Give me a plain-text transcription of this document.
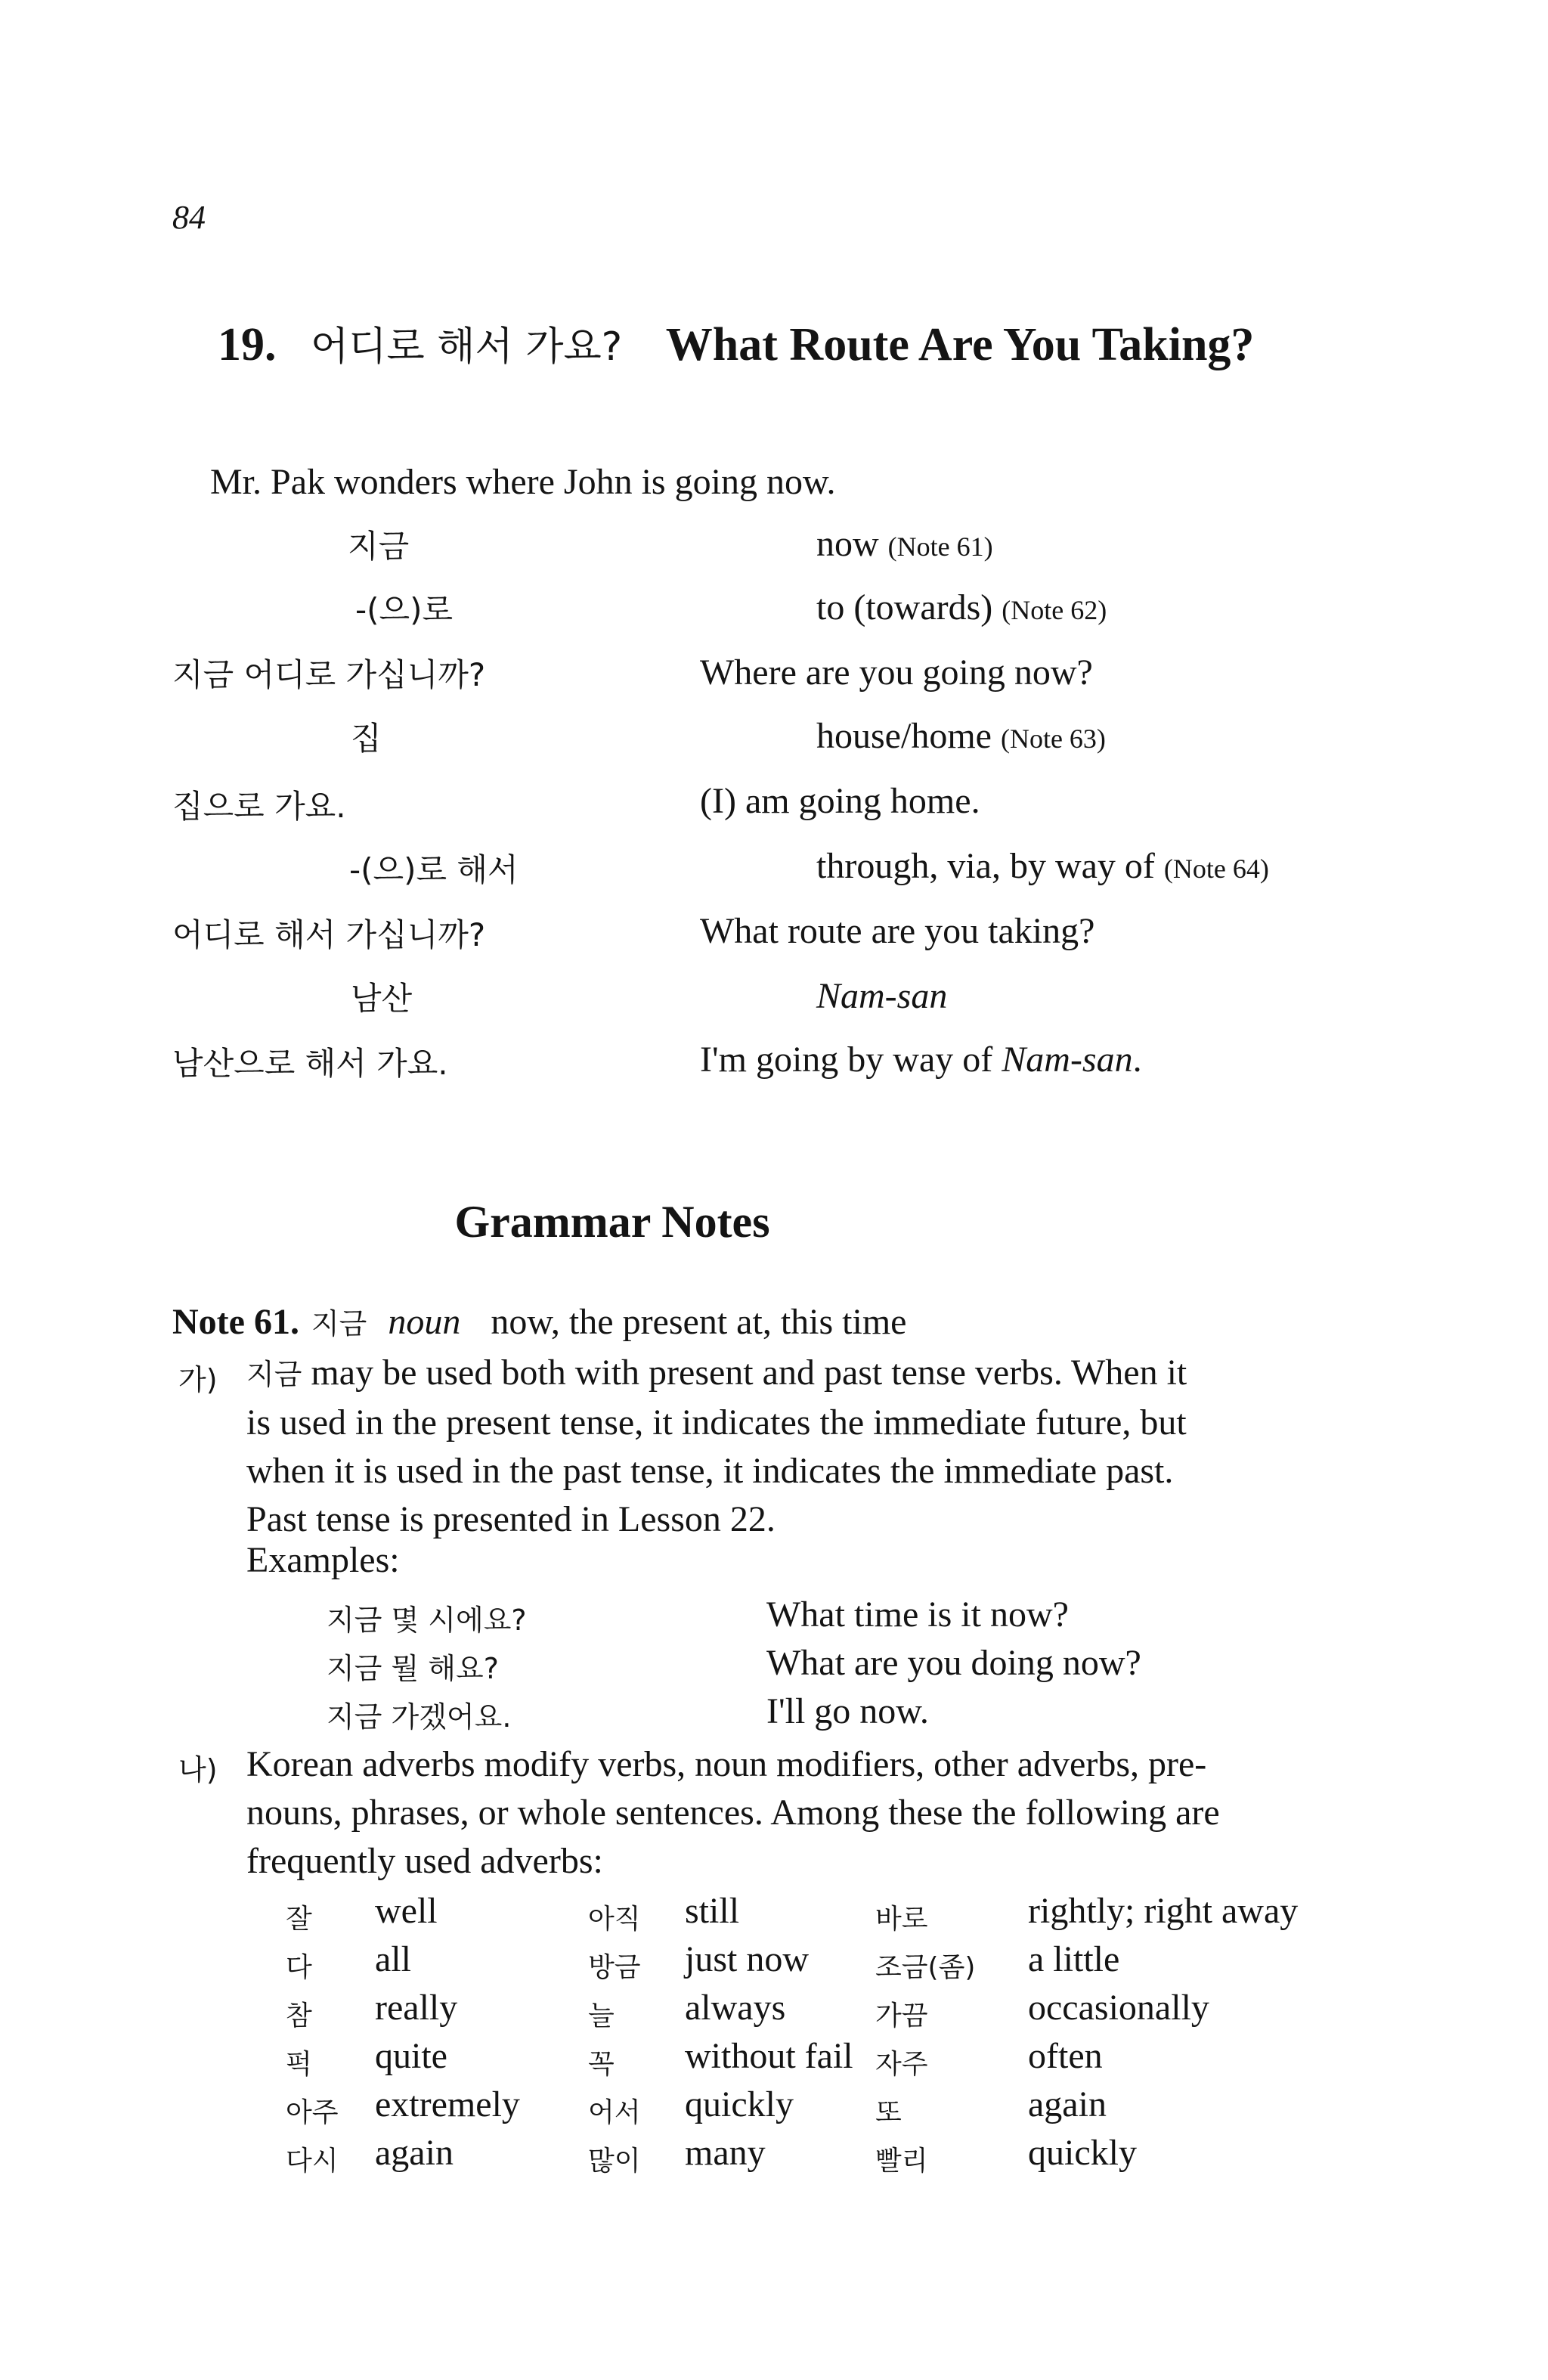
84
19. 어디로 해서 가요? What Route Are You Taking?
Mr. Pak wonders where John is going now.
지금	now (Note 61)
-(으)로	to (towards) (Note 62)
지금 어디로 가십니까?	Where are you going now?
집	house/home (Note 63)
집으로 가요.	(I) am going home.
-(으)로 해서	through, via, by way of (Note 64)
어디로 해서 가십니까?	What route are you taking?
남산	Nam-san
남산으로 해서 가요.	I'm going by way of Nam-san.
Grammar Notes
Note 61. 지금 noun now, the present at, this time
가) 지금 may be used both with present and past tense verbs. When it
is used in the present tense, it indicates the immediate future, but
when it is used in the past tense, it indicates the immediate past.
Past tense is presented in Lesson 22.
Examples:
지금 몇 시에요?	What time is it now?
지금 뭘 해요?	What are you doing now?
지금 가겠어요.	I'll go now.
나) Korean adverbs modify verbs, noun modifiers, other adverbs, pre-
nouns, phrases, or whole sentences. Among these the following are
frequently used adverbs:
잘 well	아직 still	바로	rightly; right away
다 all	방금 just now 조금(좀) a little
참 really	늘 always	가끔	occasionally
퍽 quite	꼭 without fail 자주	often
아주 extremely	어서 quickly	또	again
다시 again	많이 many	빨리	quickly
